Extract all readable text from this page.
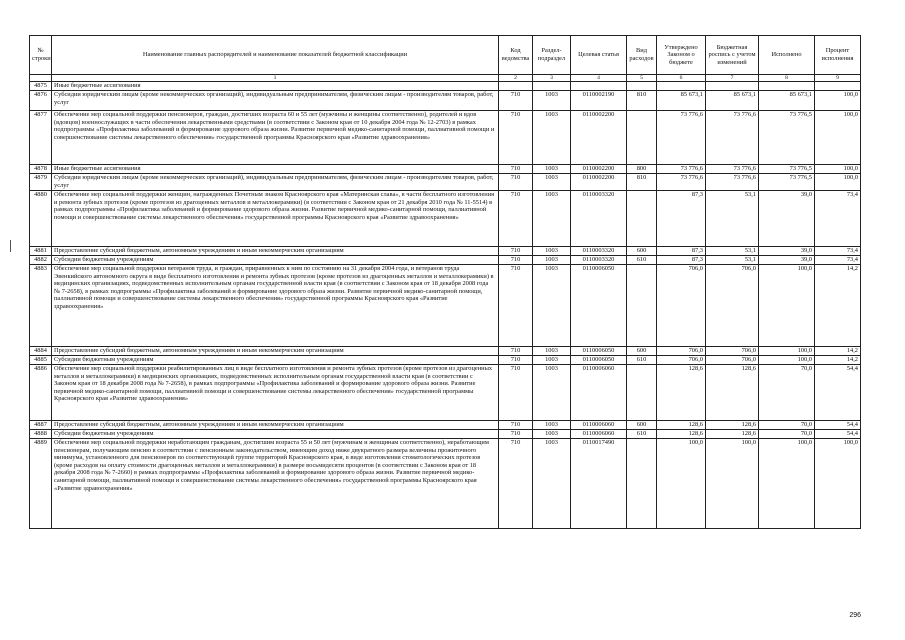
№ строки	Наименование главных распорядителей и наименование показателей бюджетной классификации	Код ведомства	Раздел-подраздел	Целевая статья	Вид расходов	Утверждено Законом о бюджете	Бюджетная роспись с учетом изменений	Исполнено	Процент исполнения
	1	2	3	4	5	6	7	8	9
4875	Иные бюджетные ассигнования								
4876	Субсидии юридическим лицам (кроме некоммерческих организаций), индивидуальным предпринимателям, физическим лицам - производителям товаров, работ, услуг	710	1003	0110002190	810	85 673,1	85 673,1	85 673,1	100,0
4877	Обеспечение мер социальной поддержки пенсионеров, граждан, достигших возраста 60 и 55 лет (мужчины и женщины соответственно), родителей и вдов (вдовцов) военнослужащих в части обеспечения лекарственными средствами (в соответствии с Законом края от 10 декабря 2004 года № 12-2703) в рамках подпрограммы «Профилактика заболеваний и формирование здорового образа жизни. Развитие первичной медико-санитарной помощи, паллиативной помощи и совершенствование системы лекарственного обеспечения» государственной программы Красноярского края «Развитие здравоохранения»	710	1003	0110002200		73 776,6	73 776,6	73 776,5	100,0
4878	Иные бюджетные ассигнования	710	1003	0110002200	800	73 776,6	73 776,6	73 776,5	100,0
4879	Субсидии юридическим лицам (кроме некоммерческих организаций), индивидуальным предпринимателям, физическим лицам - производителям товаров, работ, услуг	710	1003	0110002200	810	73 776,6	73 776,6	73 776,5	100,0
4880	Обеспечение мер социальной поддержки женщин, награжденных Почетным знаком Красноярского края «Материнская слава», в части бесплатного изготовления и ремонта зубных протезов (кроме протезов из драгоценных металлов и металлокерамики) (в соответствии с Законом края от 21 декабря 2010 года № 11-5514) в рамках подпрограммы «Профилактика заболеваний и формирование здорового образа жизни. Развитие первичной медико-санитарной помощи, паллиативной помощи и совершенствование системы лекарственного обеспечения» государственной программы Красноярского края «Развитие здравоохранения»	710	1003	0110003320		87,3	53,1	39,0	73,4
4881	Предоставление субсидий бюджетным, автономным учреждениям и иным некоммерческим организациям	710	1003	0110003320	600	87,3	53,1	39,0	73,4
4882	Субсидии бюджетным учреждениям	710	1003	0110003320	610	87,3	53,1	39,0	73,4
4883	Обеспечение мер социальной поддержки ветеранов труда, и граждан, приравненных к ним по состоянию на 31 декабря 2004 года, и ветеранов труда Эвенкийского автономного округа в виде бесплатного изготовления и ремонта зубных протезов (кроме протезов из драгоценных металлов и металлокерамики) в медицинских организациях, подведомственных исполнительным органам государственной власти края (в соответствии с Законом края от 18 декабря 2008 года № 7-2658), в рамках подпрограммы «Профилактика заболеваний и формирование здорового образа жизни. Развитие первичной медико-санитарной помощи, паллиативной помощи и совершенствование системы лекарственного обеспечения» государственной программы Красноярского края «Развитие здравоохранения»	710	1003	0110006050		706,0	706,0	100,0	14,2
4884	Предоставление субсидий бюджетным, автономным учреждениям и иным некоммерческим организациям	710	1003	0110006050	600	706,0	706,0	100,0	14,2
4885	Субсидии бюджетным учреждениям	710	1003	0110006050	610	706,0	706,0	100,0	14,2
4886	Обеспечение мер социальной поддержки реабилитированных лиц в виде бесплатного изготовления и ремонта зубных протезов (кроме протезов из драгоценных металлов и металлокерамики) в медицинских организациях, подведомственных исполнительным органам государственной власти края (в соответствии с Законом края от 18 декабря 2008 года № 7-2658), в рамках подпрограммы «Профилактика заболеваний и формирование здорового образа жизни. Развитие первичной медико-санитарной помощи, паллиативной помощи и совершенствование системы лекарственного обеспечения» государственной программы Красноярского края «Развитие здравоохранения»	710	1003	0110006060		128,6	128,6	70,0	54,4
4887	Предоставление субсидий бюджетным, автономным учреждениям и иным некоммерческим организациям	710	1003	0110006060	600	128,6	128,6	70,0	54,4
4888	Субсидии бюджетным учреждениям	710	1003	0110006060	610	128,6	128,6	70,0	54,4
4889	Обеспечение мер социальной поддержки неработающим гражданам, достигшим возраста 55 и 50 лет (мужчинам и женщинам соответственно), неработающим пенсионерам, получающим пенсию в соответствии с пенсионным законодательством, имеющим доход ниже двукратного размера величины прожиточного минимума, установленного для пенсионеров по соответствующей группе территорий Красноярского края, в виде изготовления стоматологических протезов (кроме расходов на оплату стоимости драгоценных металлов и металлокерамики) в размере восьмидесяти процентов (в соответствии с Законом края от 18 декабря 2008 года № 7-2660) в рамках подпрограммы «Профилактика заболеваний и формирование здорового образа жизни. Развитие первичной медико-санитарной помощи, паллиативной помощи и совершенствование системы лекарственного обеспечения» государственной программы Красноярского края «Развитие здравоохранения»	710	1003	0110017490		100,0	100,0	100,0	100,0
296
